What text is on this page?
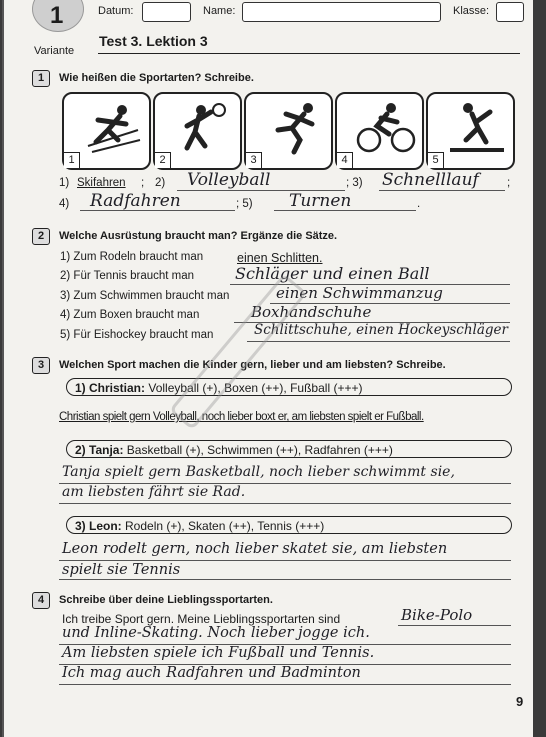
1
Variante
Datum:	Name:	Klasse:
Test 3. Lektion 3
1	Wie heißen die Sportarten? Schreibe.
1	2	3	4	5
1) Skifahren ; 2) Volleyball	; 3) Schnelllauf ;
4) Radfahren	; 5) Turnen	.
2	Welche Ausrüstung braucht man? Ergänze die Sätze.
1) Zum Rodeln braucht man	einen Schlitten.
2) Für Tennis braucht man	Schläger und einen Ball
3) Zum Schwimmen braucht man	einen Schwimmanzug
4) Zum Boxen braucht man	Boxhandschuhe
5) Für Eishockey braucht man	Schlittschuhe, einen Hockeyschläger
3	Welchen Sport machen die Kinder gern, lieber und am liebsten? Schreibe.
1) Christian: Volleyball (+), Boxen (++), Fußball (+++)
Christian spielt gern Volleyball, noch lieber boxt er, am liebsten spielt er Fußball.
2) Tanja: Basketball (+), Schwimmen (++), Radfahren (+++)
Tanja spielt gern Basketball, noch lieber schwimmt sie,
am liebsten fährt sie Rad.
3) Leon: Rodeln (+), Skaten (++), Tennis (+++)
Leon rodelt gern, noch lieber skatet sie, am liebsten
spielt sie Tennis
4	Schreibe über deine Lieblingssportarten.
Ich treibe Sport gern. Meine Lieblingssportarten sind	Bike-Polo
und Inline-Skating. Noch lieber jogge ich.
Am liebsten spiele ich Fußball und Tennis.
Ich mag auch Radfahren und Badminton
9
